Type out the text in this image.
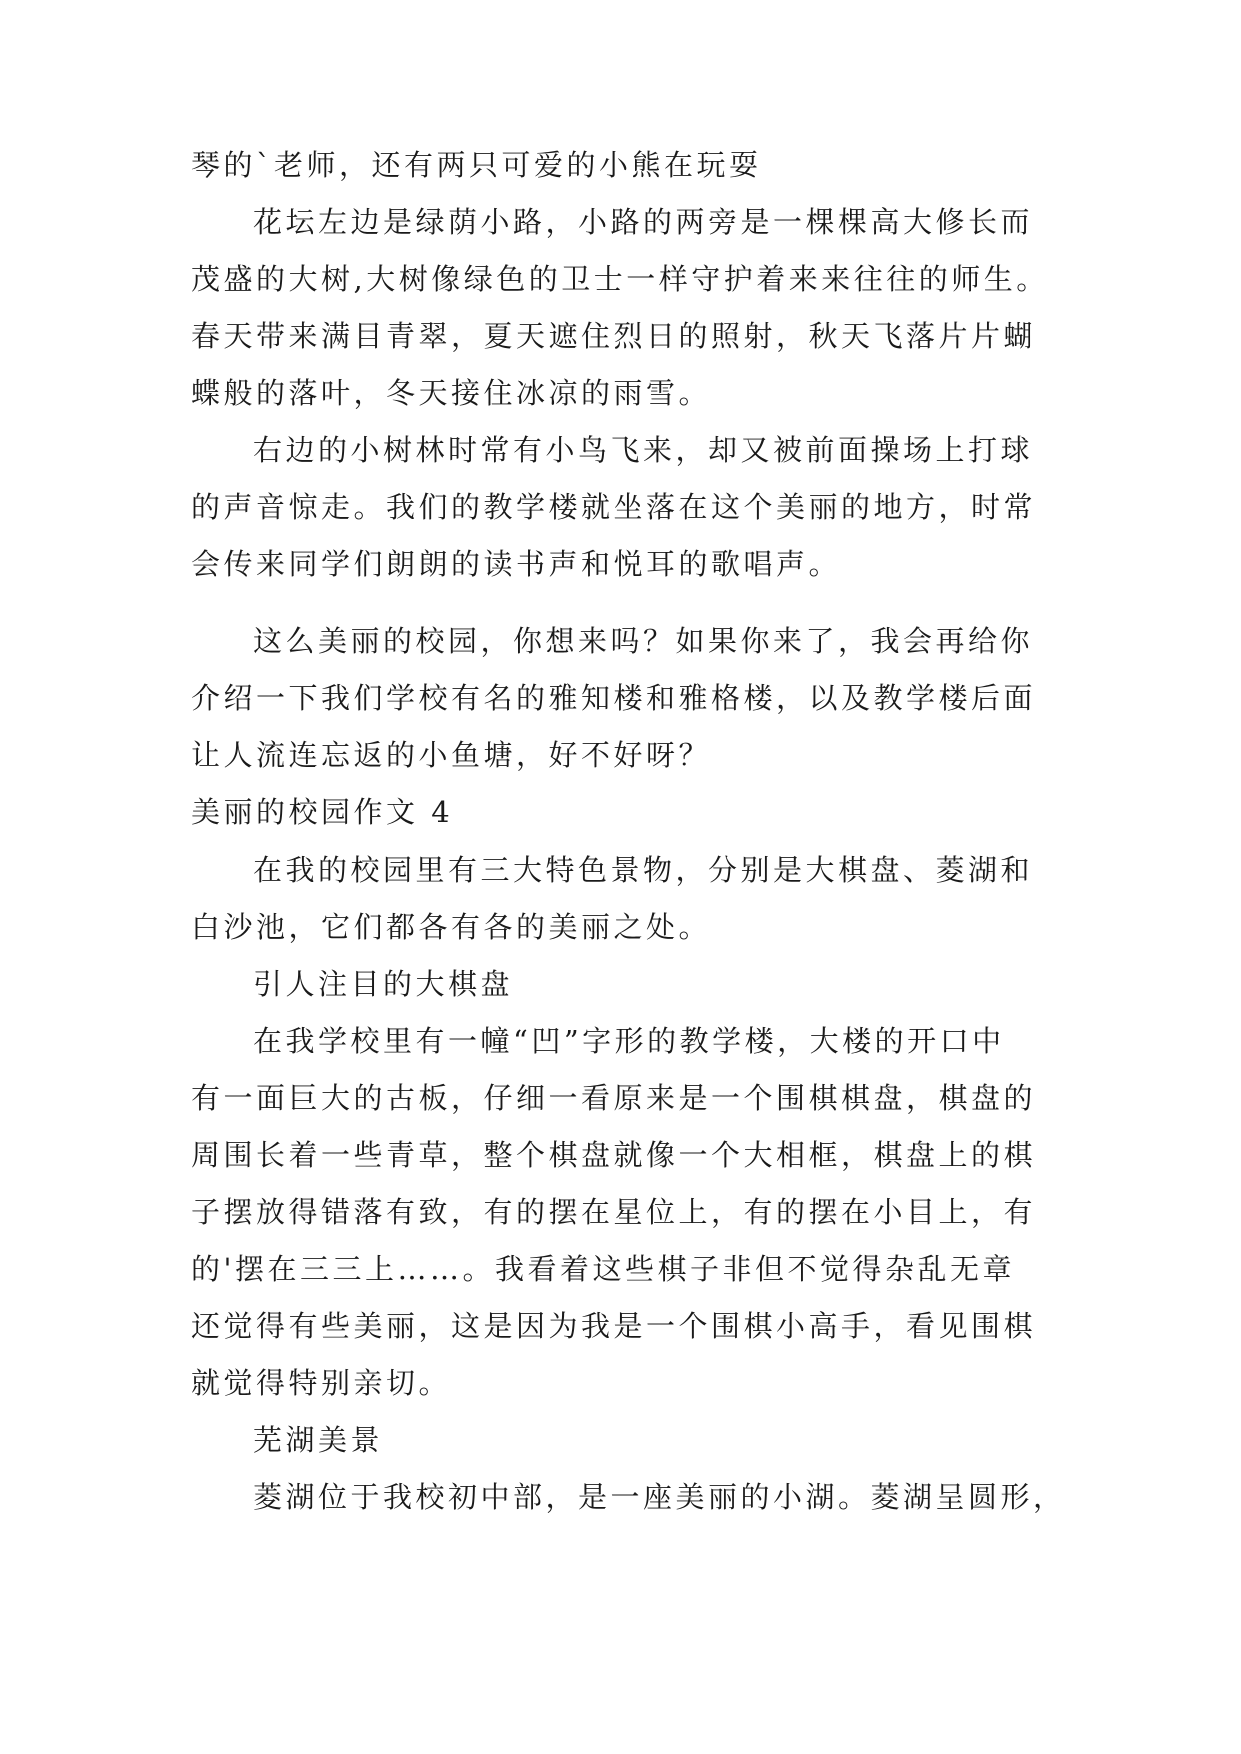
琴的`老师，还有两只可爱的小熊在玩耍
花坛左边是绿荫小路，小路的两旁是一棵棵高大修长而
茂盛的大树,大树像绿色的卫士一样守护着来来往往的师生。
春天带来满目青翠，夏天遮住烈日的照射，秋天飞落片片蝴
蝶般的落叶，冬天接住冰凉的雨雪。
右边的小树林时常有小鸟飞来，却又被前面操场上打球
的声音惊走。我们的教学楼就坐落在这个美丽的地方，时常
会传来同学们朗朗的读书声和悦耳的歌唱声。
这么美丽的校园，你想来吗？如果你来了，我会再给你
介绍一下我们学校有名的雅知楼和雅格楼，以及教学楼后面
让人流连忘返的小鱼塘，好不好呀？
美丽的校园作文 4
在我的校园里有三大特色景物，分别是大棋盘、菱湖和
白沙池，它们都各有各的美丽之处。
引人注目的大棋盘
在我学校里有一幢“凹”字形的教学楼，大楼的开口中
有一面巨大的古板，仔细一看原来是一个围棋棋盘，棋盘的
周围长着一些青草，整个棋盘就像一个大相框，棋盘上的棋
子摆放得错落有致，有的摆在星位上，有的摆在小目上，有
的'摆在三三上……。我看着这些棋子非但不觉得杂乱无章
还觉得有些美丽，这是因为我是一个围棋小高手，看见围棋
就觉得特别亲切。
芜湖美景
菱湖位于我校初中部，是一座美丽的小湖。菱湖呈圆形，
